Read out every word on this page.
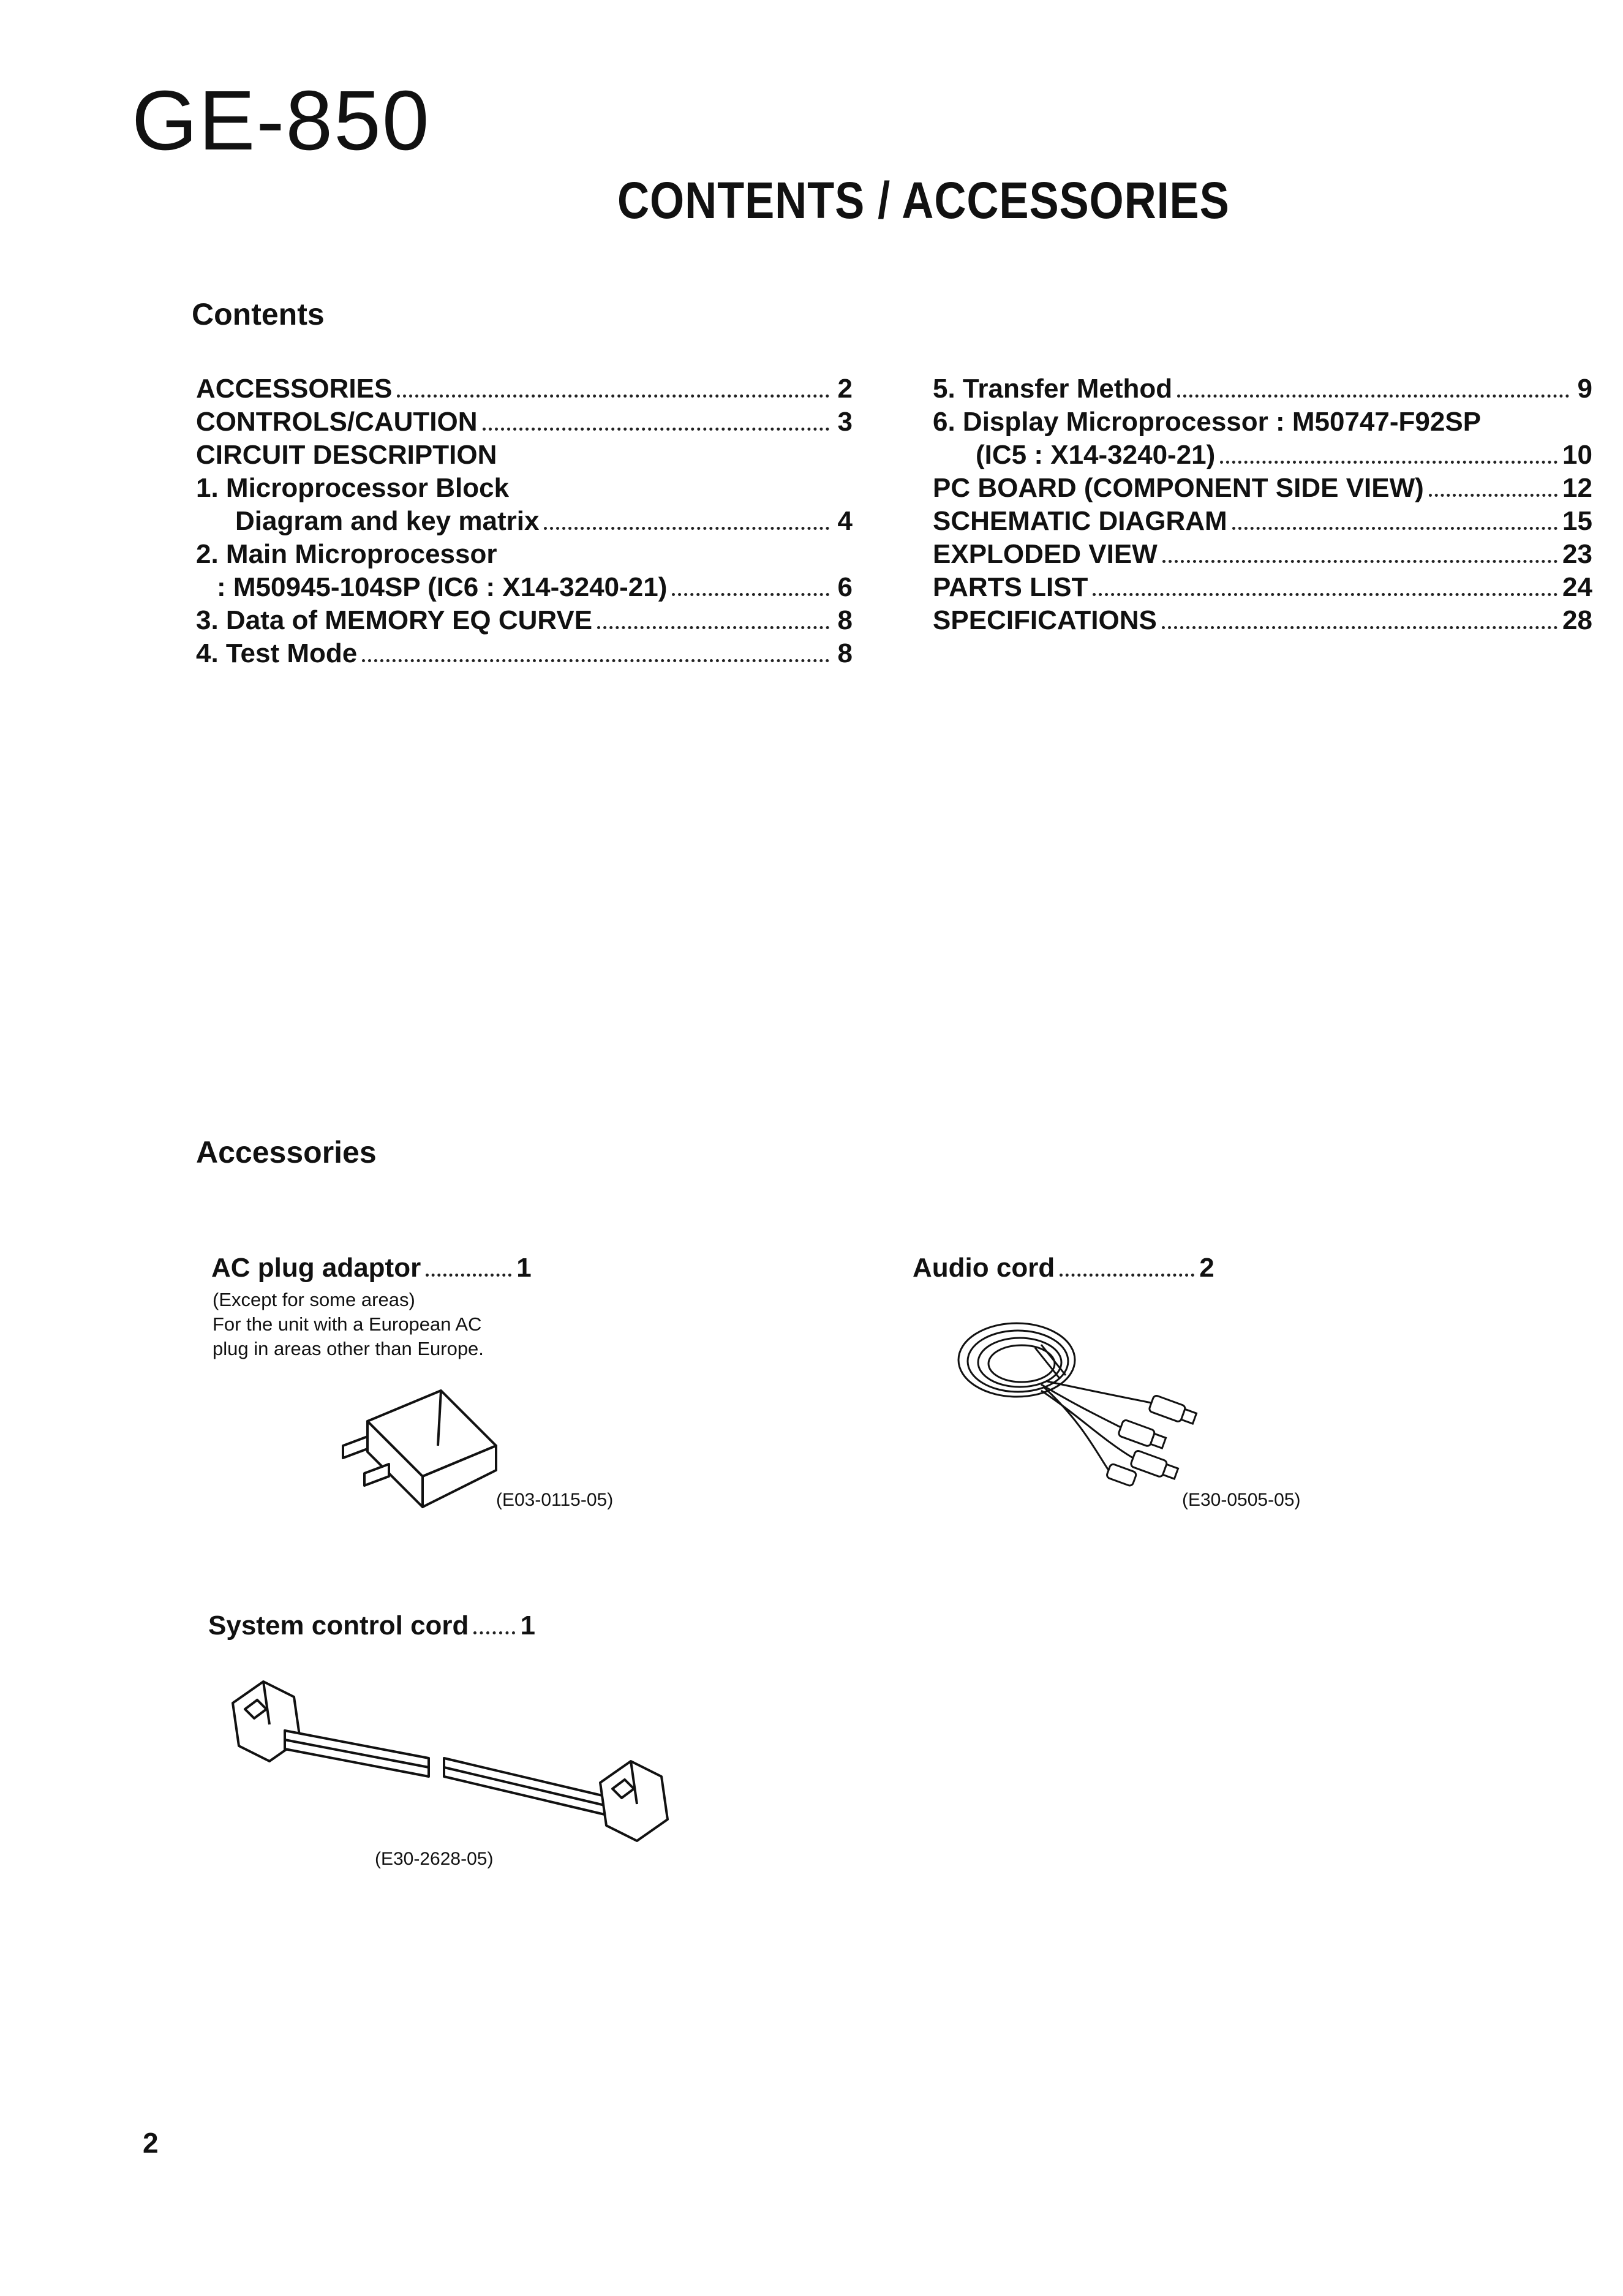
GE-850
CONTENTS / ACCESSORIES
Contents
ACCESSORIES	2
CONTROLS/CAUTION	3
CIRCUIT DESCRIPTION
1. Microprocessor Block
Diagram and key matrix	4
2. Main Microprocessor
: M50945-104SP (IC6 : X14-3240-21)	6
3. Data of MEMORY EQ CURVE	8
4. Test Mode	8
5. Transfer Method	9
6. Display Microprocessor : M50747-F92SP
(IC5 : X14-3240-21)	10
PC BOARD (COMPONENT SIDE VIEW)	12
SCHEMATIC DIAGRAM	15
EXPLODED VIEW	23
PARTS LIST	24
SPECIFICATIONS	28
Accessories
AC plug adaptor	1
(Except for some areas)
For the unit with a European AC
plug in areas other than Europe.
(E03-0115-05)
Audio cord	2
(E30-0505-05)
System control cord 1
(E30-2628-05)
2
